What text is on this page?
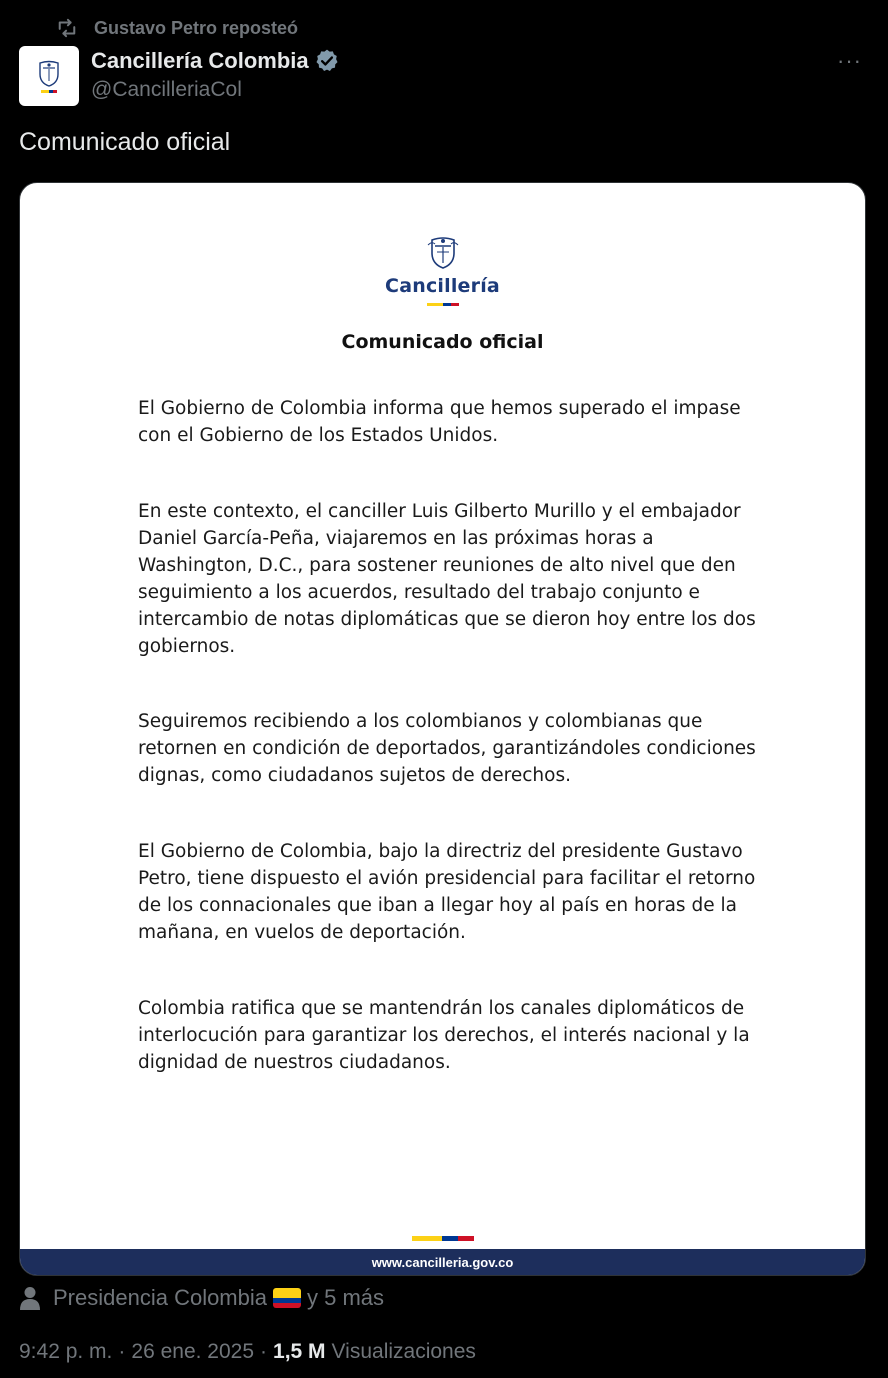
Gustavo Petro reposteó
Cancillería Colombia
@CancilleriaCol
···
Comunicado oficial
Cancillería
Comunicado oficial

El Gobierno de Colombia informa que hemos superado el impase con el Gobierno de los Estados Unidos.

En este contexto, el canciller Luis Gilberto Murillo y el embajador Daniel García-Peña, viajaremos en las próximas horas a Washington, D.C., para sostener reuniones de alto nivel que den seguimiento a los acuerdos, resultado del trabajo conjunto e intercambio de notas diplomáticas que se dieron hoy entre los dos gobiernos.

Seguiremos recibiendo a los colombianos y colombianas que retornen en condición de deportados, garantizándoles condiciones dignas, como ciudadanos sujetos de derechos.

El Gobierno de Colombia, bajo la directriz del presidente Gustavo Petro, tiene dispuesto el avión presidencial para facilitar el retorno de los connacionales que iban a llegar hoy al país en horas de la mañana, en vuelos de deportación.

Colombia ratifica que se mantendrán los canales diplomáticos de interlocución para garantizar los derechos, el interés nacional y la dignidad de nuestros ciudadanos.

www.cancilleria.gov.co
Presidencia Colombia y 5 más
9:42 p. m. · 26 ene. 2025 · 1,5 M Visualizaciones
